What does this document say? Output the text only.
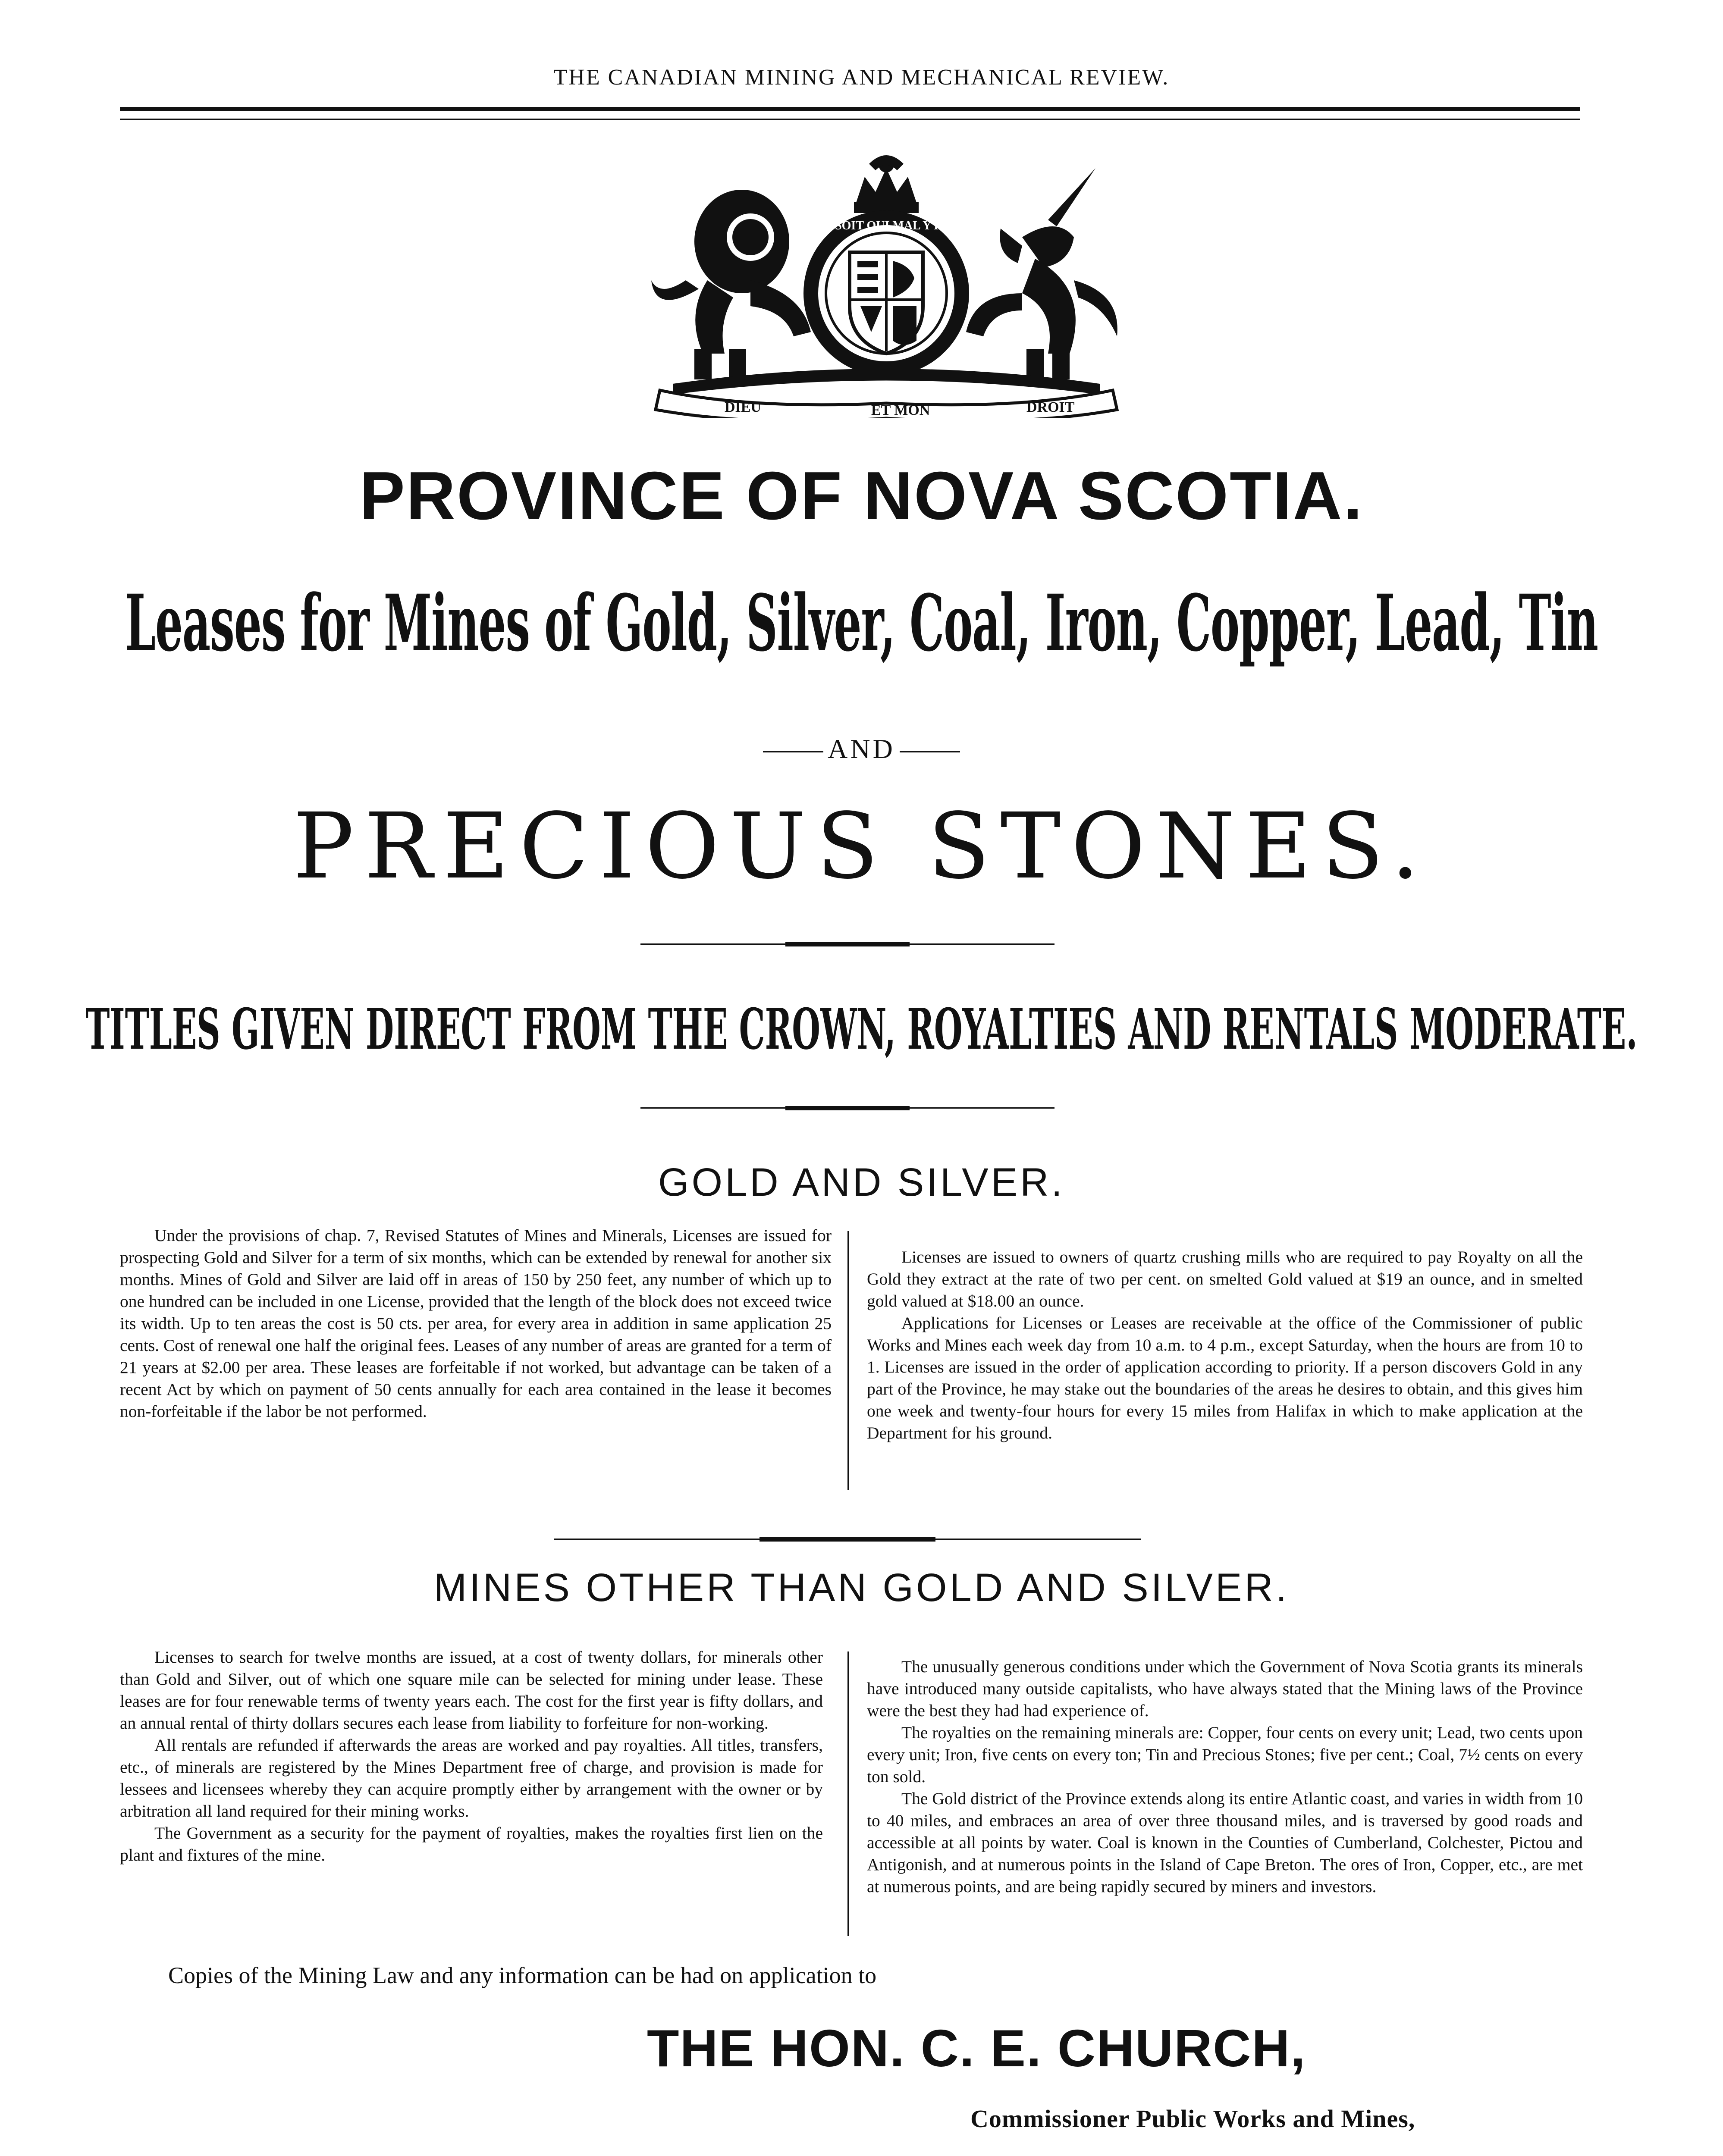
THE CANADIAN MINING AND MECHANICAL REVIEW.
DIEU	ET MON	DROIT
HONI SOIT QUI MAL Y PENSE
PROVINCE OF NOVA SCOTIA.
Leases for Mines of Gold, Silver, Coal, Iron, Copper, Lead, Tin
AND
PRECIOUS STONES.
TITLES GIVEN DIRECT FROM THE CROWN, ROYALTIES AND RENTALS MODERATE.
GOLD AND SILVER.

Under the provisions of chap. 7, Revised Statutes of Mines and Minerals, Licenses are issued for prospecting Gold and Silver for a term of six months, which can be extended by renewal for another six months. Mines of Gold and Silver are laid off in areas of 150 by 250 feet, any number of which up to one hundred can be included in one License, provided that the length of the block does not exceed twice its width. Up to ten areas the cost is 50 cts. per area, for every area in addition in same application 25 cents. Cost of renewal one half the original fees. Leases of any number of areas are granted for a term of 21 years at $2.00 per area. These leases are forfeitable if not worked, but advantage can be taken of a recent Act by which on payment of 50 cents annually for each area contained in the lease it becomes non-forfeitable if the labor be not performed.

Licenses are issued to owners of quartz crushing mills who are required to pay Royalty on all the Gold they extract at the rate of two per cent. on smelted Gold valued at $19 an ounce, and in smelted gold valued at $18.00 an ounce.

Applications for Licenses or Leases are receivable at the office of the Commissioner of public Works and Mines each week day from 10 a.m. to 4 p.m., except Saturday, when the hours are from 10 to 1. Licenses are issued in the order of application according to priority. If a person discovers Gold in any part of the Province, he may stake out the boundaries of the areas he desires to obtain, and this gives him one week and twenty-four hours for every 15 miles from Halifax in which to make application at the Department for his ground.

MINES OTHER THAN GOLD AND SILVER.

Licenses to search for twelve months are issued, at a cost of twenty dollars, for minerals other than Gold and Silver, out of which one square mile can be selected for mining under lease. These leases are for four renewable terms of twenty years each. The cost for the first year is fifty dollars, and an annual rental of thirty dollars secures each lease from liability to forfeiture for non-working.

All rentals are refunded if afterwards the areas are worked and pay royalties. All titles, transfers, etc., of minerals are registered by the Mines Department free of charge, and provision is made for lessees and licensees whereby they can acquire promptly either by arrangement with the owner or by arbitration all land required for their mining works.

The Government as a security for the payment of royalties, makes the royalties first lien on the plant and fixtures of the mine.

The unusually generous conditions under which the Government of Nova Scotia grants its minerals have introduced many outside capitalists, who have always stated that the Mining laws of the Province were the best they had had experience of.

The royalties on the remaining minerals are: Copper, four cents on every unit; Lead, two cents upon every unit; Iron, five cents on every ton; Tin and Precious Stones; five per cent.; Coal, 7½ cents on every ton sold.

The Gold district of the Province extends along its entire Atlantic coast, and varies in width from 10 to 40 miles, and embraces an area of over three thousand miles, and is traversed by good roads and accessible at all points by water. Coal is known in the Counties of Cumberland, Colchester, Pictou and Antigonish, and at numerous points in the Island of Cape Breton. The ores of Iron, Copper, etc., are met at numerous points, and are being rapidly secured by miners and investors.

Copies of the Mining Law and any information can be had on application to
THE HON. C. E. CHURCH,
Commissioner Public Works and Mines,
